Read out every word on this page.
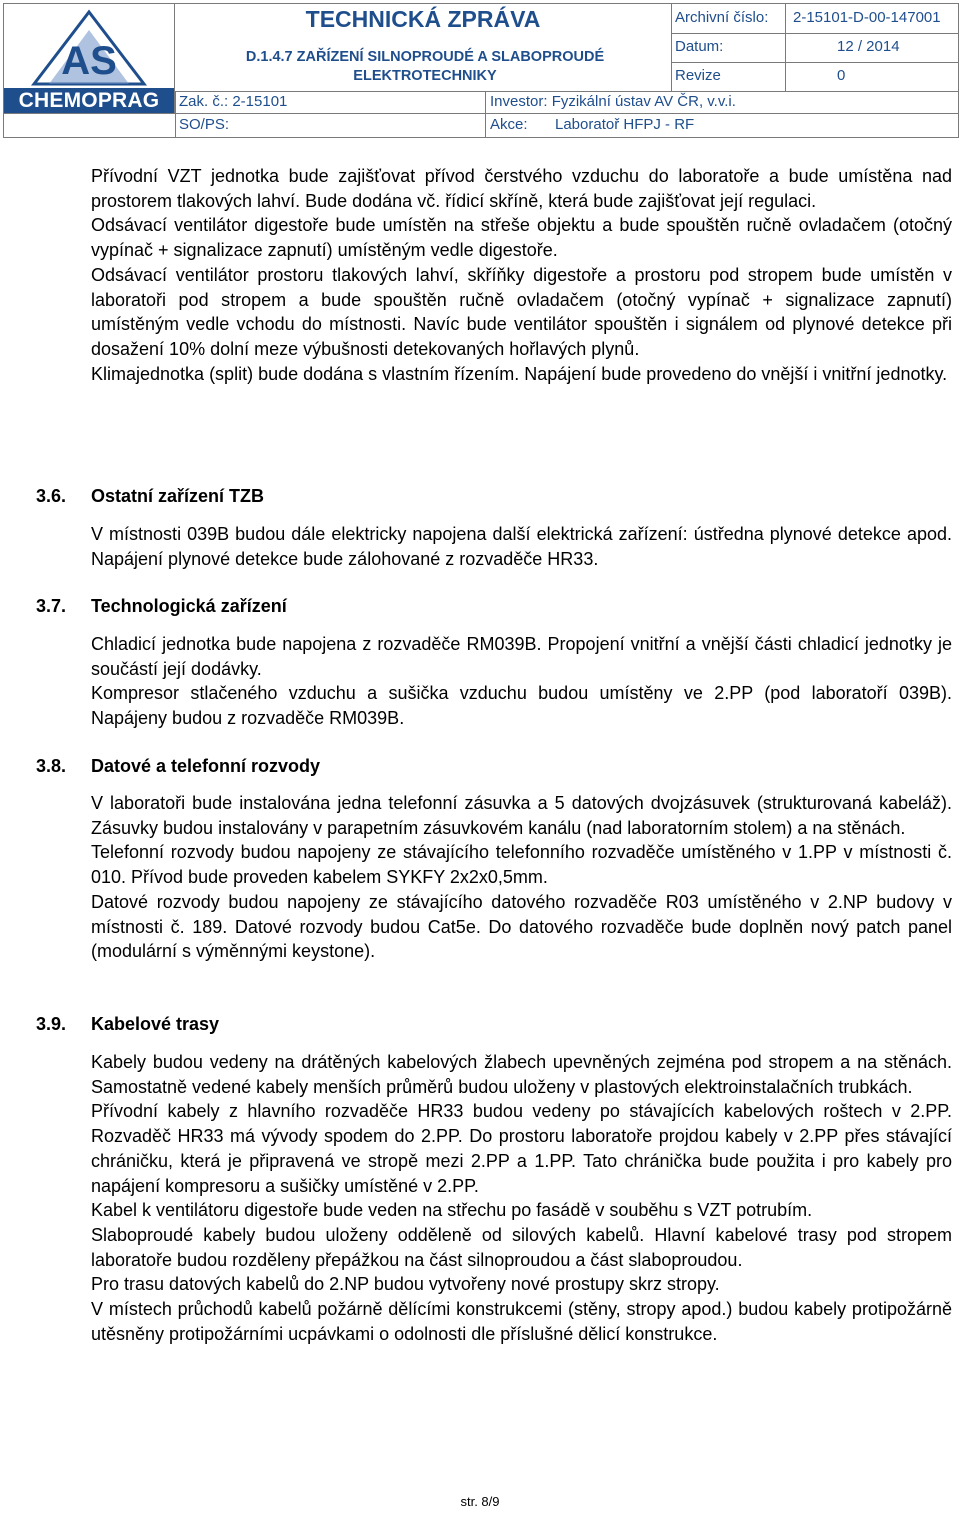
AS
CHEMOPRAG
TECHNICKÁ ZPRÁVA
D.1.4.7 ZAŘÍZENÍ SILNOPROUDÉ A SLABOPROUDÉ ELEKTROTECHNIKY
Archivní číslo: 2-15101-D-00-147001
Datum:	12 / 2014
Revize	0
Zak. č.: 2-15101	Investor: Fyzikální ústav AV ČR, v.v.i.
SO/PS:	Akce: Laboratoř HFPJ - RF

Přívodní VZT jednotka bude zajišťovat přívod čerstvého vzduchu do laboratoře a bude umístěna nad prostorem tlakových lahví. Bude dodána vč. řídicí skříně, která bude zajišťovat její regulaci.

Odsávací ventilátor digestoře bude umístěn na střeše objektu a bude spouštěn ručně ovladačem (otočný vypínač + signalizace zapnutí) umístěným vedle digestoře.

Odsávací ventilátor prostoru tlakových lahví, skříňky digestoře a prostoru pod stropem bude umístěn v laboratoři pod stropem a bude spouštěn ručně ovladačem (otočný vypínač + signalizace zapnutí) umístěným vedle vchodu do místnosti. Navíc bude ventilátor spouštěn i signálem od plynové detekce při dosažení 10% dolní meze výbušnosti detekovaných hořlavých plynů.

Klimajednotka (split) bude dodána s vlastním řízením. Napájení bude provedeno do vnější i vnitřní jednotky.

3.6. Ostatní zařízení TZB

V místnosti 039B budou dále elektricky napojena další elektrická zařízení: ústředna plynové detekce apod. Napájení plynové detekce bude zálohované z rozvaděče HR33.

3.7. Technologická zařízení

Chladicí jednotka bude napojena z rozvaděče RM039B. Propojení vnitřní a vnější části chladicí jednotky je součástí její dodávky.

Kompresor stlačeného vzduchu a sušička vzduchu budou umístěny ve 2.PP (pod laboratoří 039B). Napájeny budou z rozvaděče RM039B.

3.8. Datové a telefonní rozvody

V laboratoři bude instalována jedna telefonní zásuvka a 5 datových dvojzásuvek (strukturovaná kabeláž). Zásuvky budou instalovány v parapetním zásuvkovém kanálu (nad laboratorním stolem) a na stěnách.

Telefonní rozvody budou napojeny ze stávajícího telefonního rozvaděče umístěného v 1.PP v místnosti č. 010. Přívod bude proveden kabelem SYKFY 2x2x0,5mm.

Datové rozvody budou napojeny ze stávajícího datového rozvaděče R03 umístěného v 2.NP budovy v místnosti č. 189. Datové rozvody budou Cat5e. Do datového rozvaděče bude doplněn nový patch panel (modulární s výměnnými keystone).

3.9. Kabelové trasy

Kabely budou vedeny na drátěných kabelových žlabech upevněných zejména pod stropem a na stěnách. Samostatně vedené kabely menších průměrů budou uloženy v plastových elektroinstalačních trubkách.

Přívodní kabely z hlavního rozvaděče HR33 budou vedeny po stávajících kabelových roštech v 2.PP. Rozvaděč HR33 má vývody spodem do 2.PP. Do prostoru laboratoře projdou kabely v 2.PP přes stávající chráničku, která je připravená ve stropě mezi 2.PP a 1.PP. Tato chránička bude použita i pro kabely pro napájení kompresoru a sušičky umístěné v 2.PP.

Kabel k ventilátoru digestoře bude veden na střechu po fasádě v souběhu s VZT potrubím.

Slaboproudé kabely budou uloženy odděleně od silových kabelů. Hlavní kabelové trasy pod stropem laboratoře budou rozděleny přepážkou na část silnoproudou a část slaboproudou.

Pro trasu datových kabelů do 2.NP budou vytvořeny nové prostupy skrz stropy.

V místech průchodů kabelů požárně dělícími konstrukcemi (stěny, stropy apod.) budou kabely protipožárně utěsněny protipožárními ucpávkami o odolnosti dle příslušné dělicí konstrukce.

str. 8/9
